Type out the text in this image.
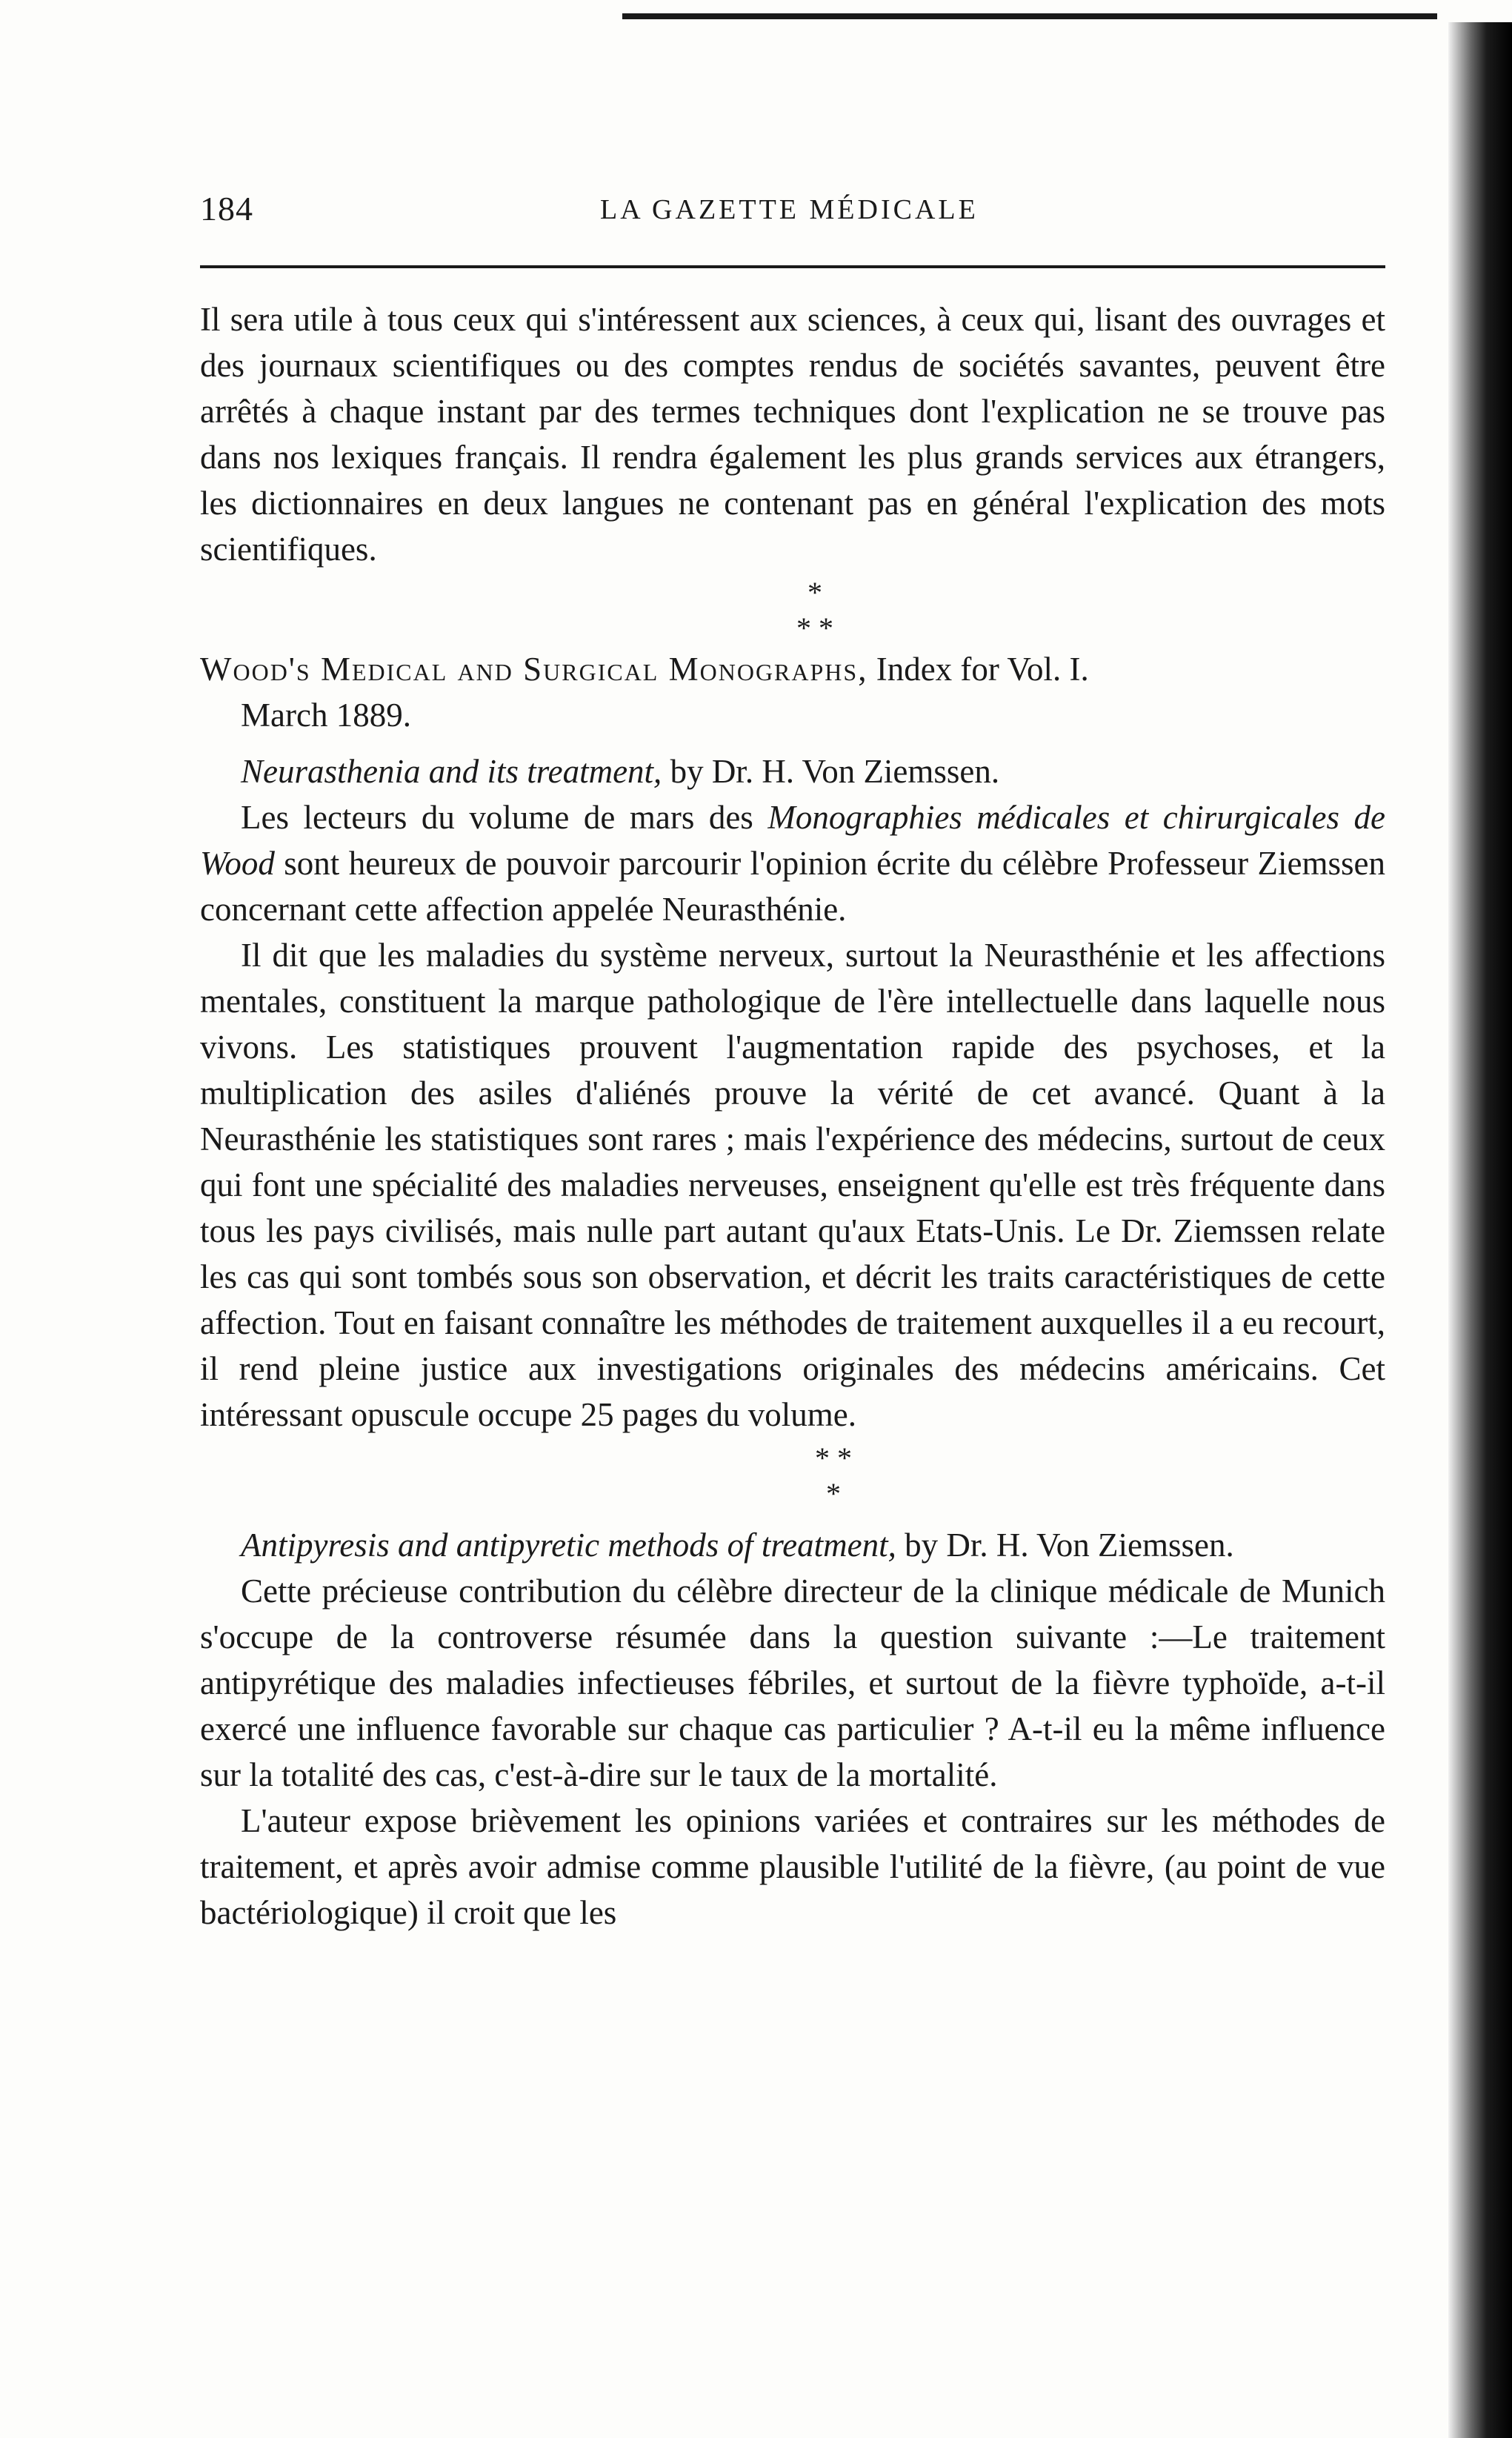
184	LA GAZETTE MÉDICALE

Il sera utile à tous ceux qui s'intéressent aux sciences, à ceux qui, lisant des ouvrages et des journaux scientifiques ou des comptes rendus de sociétés savantes, peuvent être arrêtés à chaque instant par des termes techniques dont l'explication ne se trouve pas dans nos lexiques français. Il rendra également les plus grands services aux étrangers, les dictionnaires en deux langues ne contenant pas en général l'explication des mots scientifiques.

*
* *

Wood's Medical and Surgical Monographs, Index for Vol. I.

March 1889.

Neurasthenia and its treatment, by Dr. H. Von Ziemssen.

Les lecteurs du volume de mars des Monographies médicales et chirurgicales de Wood sont heureux de pouvoir parcourir l'opinion écrite du célèbre Professeur Ziemssen concernant cette affection appelée Neurasthénie.

Il dit que les maladies du système nerveux, surtout la Neurasthénie et les affections mentales, constituent la marque pathologique de l'ère intellectuelle dans laquelle nous vivons. Les statistiques prouvent l'augmentation rapide des psychoses, et la multiplication des asiles d'aliénés prouve la vérité de cet avancé. Quant à la Neurasthénie les statistiques sont rares ; mais l'expérience des médecins, surtout de ceux qui font une spécialité des maladies nerveuses, enseignent qu'elle est très fréquente dans tous les pays civilisés, mais nulle part autant qu'aux Etats-Unis. Le Dr. Ziemssen relate les cas qui sont tombés sous son observation, et décrit les traits caractéristiques de cette affection. Tout en faisant connaître les méthodes de traitement auxquelles il a eu recourt, il rend pleine justice aux investigations originales des médecins américains. Cet intéressant opuscule occupe 25 pages du volume.

* *
*

Antipyresis and antipyretic methods of treatment, by Dr. H. Von Ziemssen.

Cette précieuse contribution du célèbre directeur de la clinique médicale de Munich s'occupe de la controverse résumée dans la question suivante :—Le traitement antipyrétique des maladies infectieuses fébriles, et surtout de la fièvre typhoïde, a-t-il exercé une influence favorable sur chaque cas particulier ? A-t-il eu la même influence sur la totalité des cas, c'est-à-dire sur le taux de la mortalité.

L'auteur expose brièvement les opinions variées et contraires sur les méthodes de traitement, et après avoir admise comme plausible l'utilité de la fièvre, (au point de vue bactériologique) il croit que les
